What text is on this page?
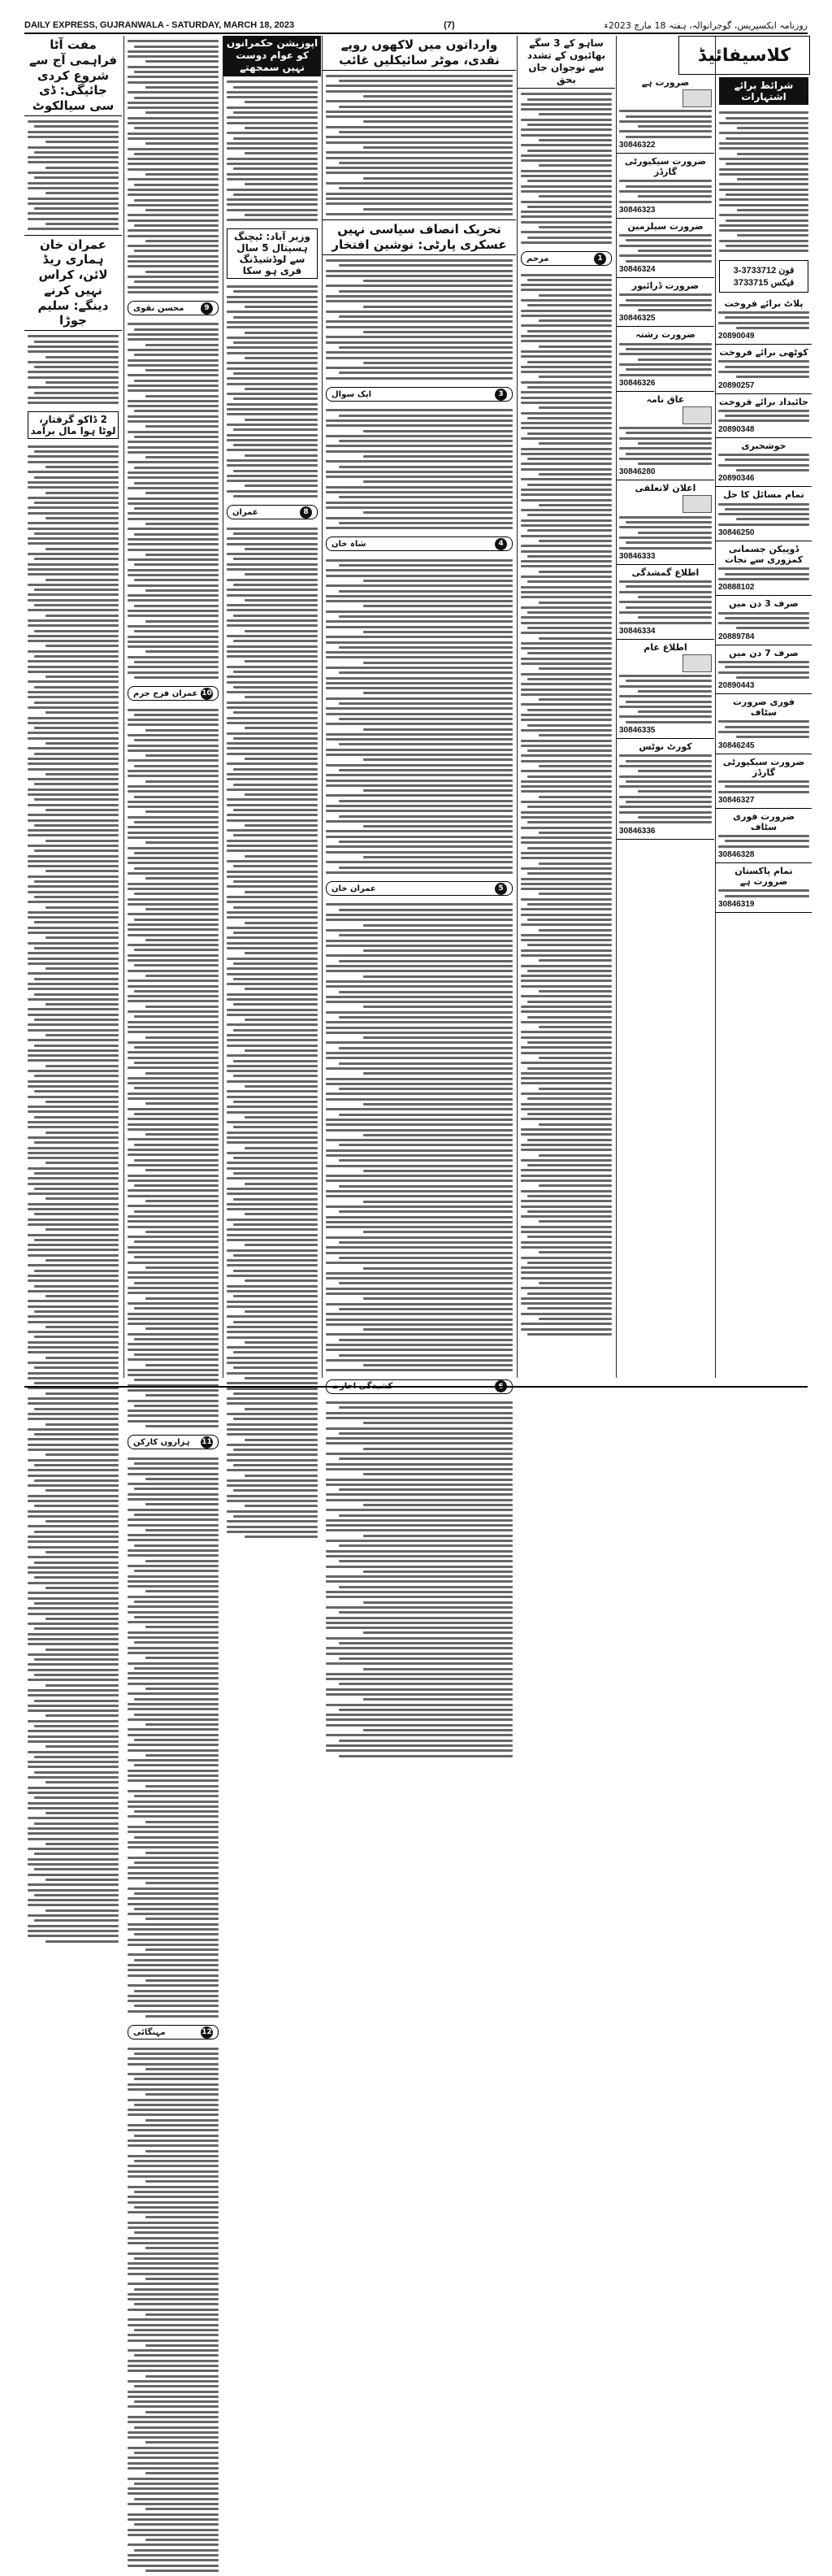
DAILY EXPRESS, GUJRANWALA - SATURDAY, MARCH 18, 2023	(7)	روزنامہ ایکسپریس، گوجرانوالہ، ہفتہ 18 مارچ 2023ء
شرائط برائے اشتہارات
فون 3733712-3
فیکس 3733715
پلاٹ برائے فروخت
20890049
کوٹھی برائے فروخت
20890257
جائیداد برائے فروخت
20890348
خوشخبری
20890346
تمام مسائل کا حل
30846250
ڈوپیکن جسمانی کمزوری سے نجات
20888102
صرف 3 دن میں
20889784
صرف 7 دن میں
20890443
فوری ضرورت سٹاف
30846245
ضرورت سیکیورٹی گارڈز
30846327
ضرورت فوری سٹاف
30846328
تمام پاکستان ضرورت ہے
30846319
کلاسیفائیڈ
ضرورت ہے
30846322
ضرورت سیکیورٹی گارڈز
30846323
ضرورت سیلزمین
30846324
ضرورت ڈرائیور
30846325
ضرورت رشتہ
30846326
عاق نامہ
30846280
اعلان لاتعلقی
30846333
اطلاع گمشدگی
30846334
اطلاع عام
30846335
کورٹ نوٹس
30846336
ساہو کے 3 سگے بھائیوں کے تشدد سے نوجوان جاں بحق
1
مرحم
وارداتوں میں لاکھوں روپے نقدی، موٹر سائیکلیں غائب
تحریک انصاف سیاسی نہیں عسکری پارٹی: نوشین افتخار
3
ایک سوال
4
شاہ خان
5
عمران خان
6
کشیدگی اجازت
اپوزیشن حکمرانوں کو عوام دوست نہیں سمجھتے
وزیر آباد: ٹیچنگ ہسپتال 5 سال سے لوڈشیڈنگ فری ہو سکا
8
عمران
9
محسن نقوی
10
عمران فرح جرم
11
ہزاروں کارکن
12
مہنگائی
مفت آٹا فراہمی آج سے شروع کردی جائیگی: ڈی سی سیالکوٹ
عمران خان ہماری ریڈ لائن، کراس نہیں کرنے دینگے: سلیم جوڑا
2 ڈاکو گرفتار، لوٹا ہوا مال برآمد
